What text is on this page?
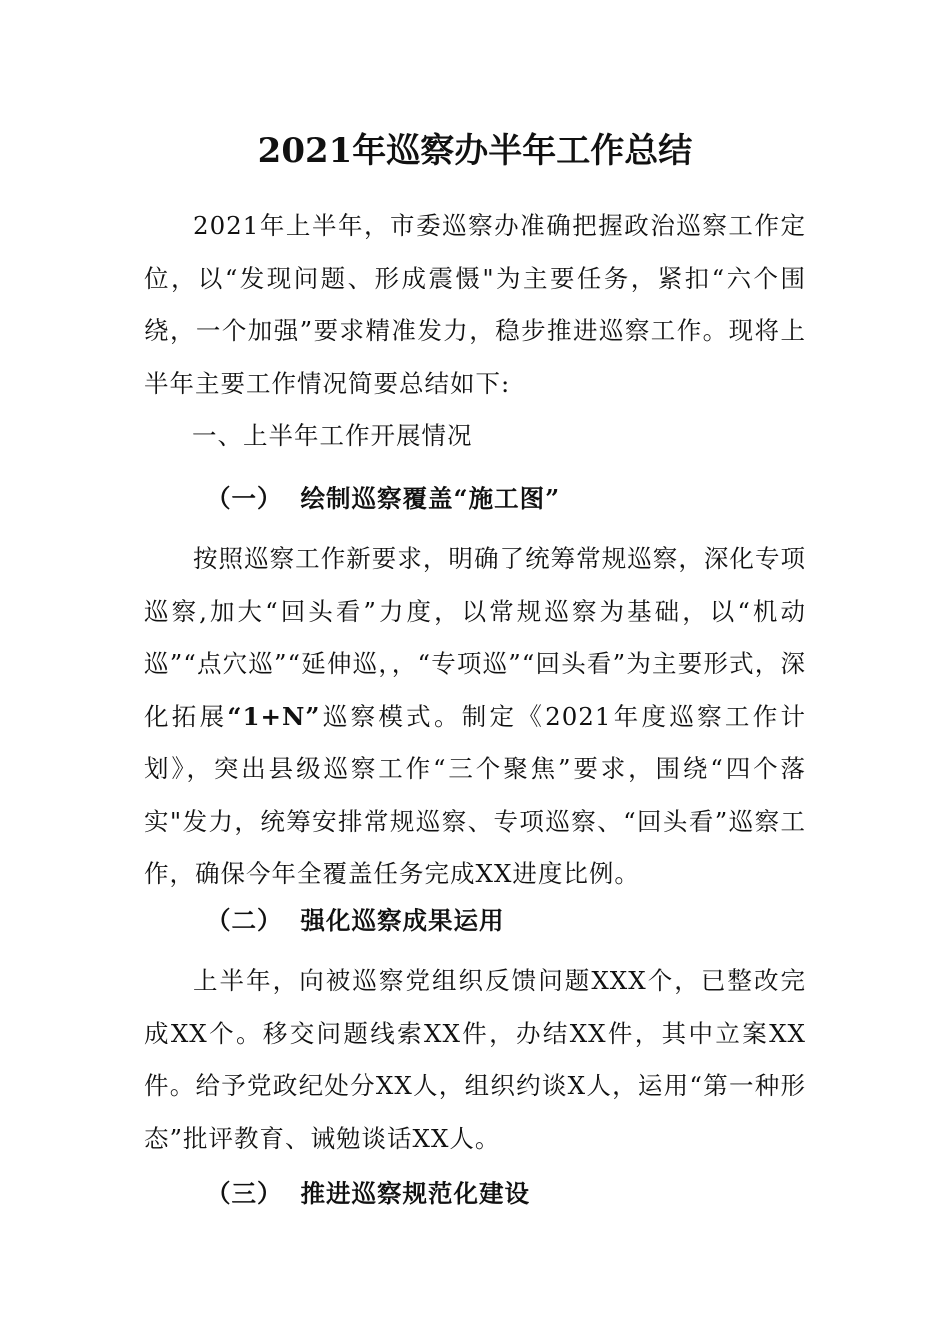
2021年巡察办半年工作总结
2021年上半年，市委巡察办准确把握政治巡察工作定位，以“发现问题、形成震慑"为主要任务，紧扣“六个围绕，一个加强”要求精准发力，稳步推进巡察工作。现将上半年主要工作情况简要总结如下:
一、上半年工作开展情况
（一） 绘制巡察覆盖“施工图”
按照巡察工作新要求，明确了统筹常规巡察，深化专项巡察,加大“回头看”力度，以常规巡察为基础，以“机动巡”“点穴巡”“延伸巡，，“专项巡”“回头看”为主要形式，深化拓展“1+N”巡察模式。制定《2021年度巡察工作计划》，突出县级巡察工作“三个聚焦”要求，围绕“四个落实"发力，统筹安排常规巡察、专项巡察、“回头看”巡察工作，确保今年全覆盖任务完成XX进度比例。
（二） 强化巡察成果运用
上半年，向被巡察党组织反馈问题XXX个，已整改完成XX个。移交问题线索XX件，办结XX件，其中立案XX件。给予党政纪处分XX人，组织约谈X人，运用“第一种形态”批评教育、诫勉谈话XX人。
（三） 推进巡察规范化建设
